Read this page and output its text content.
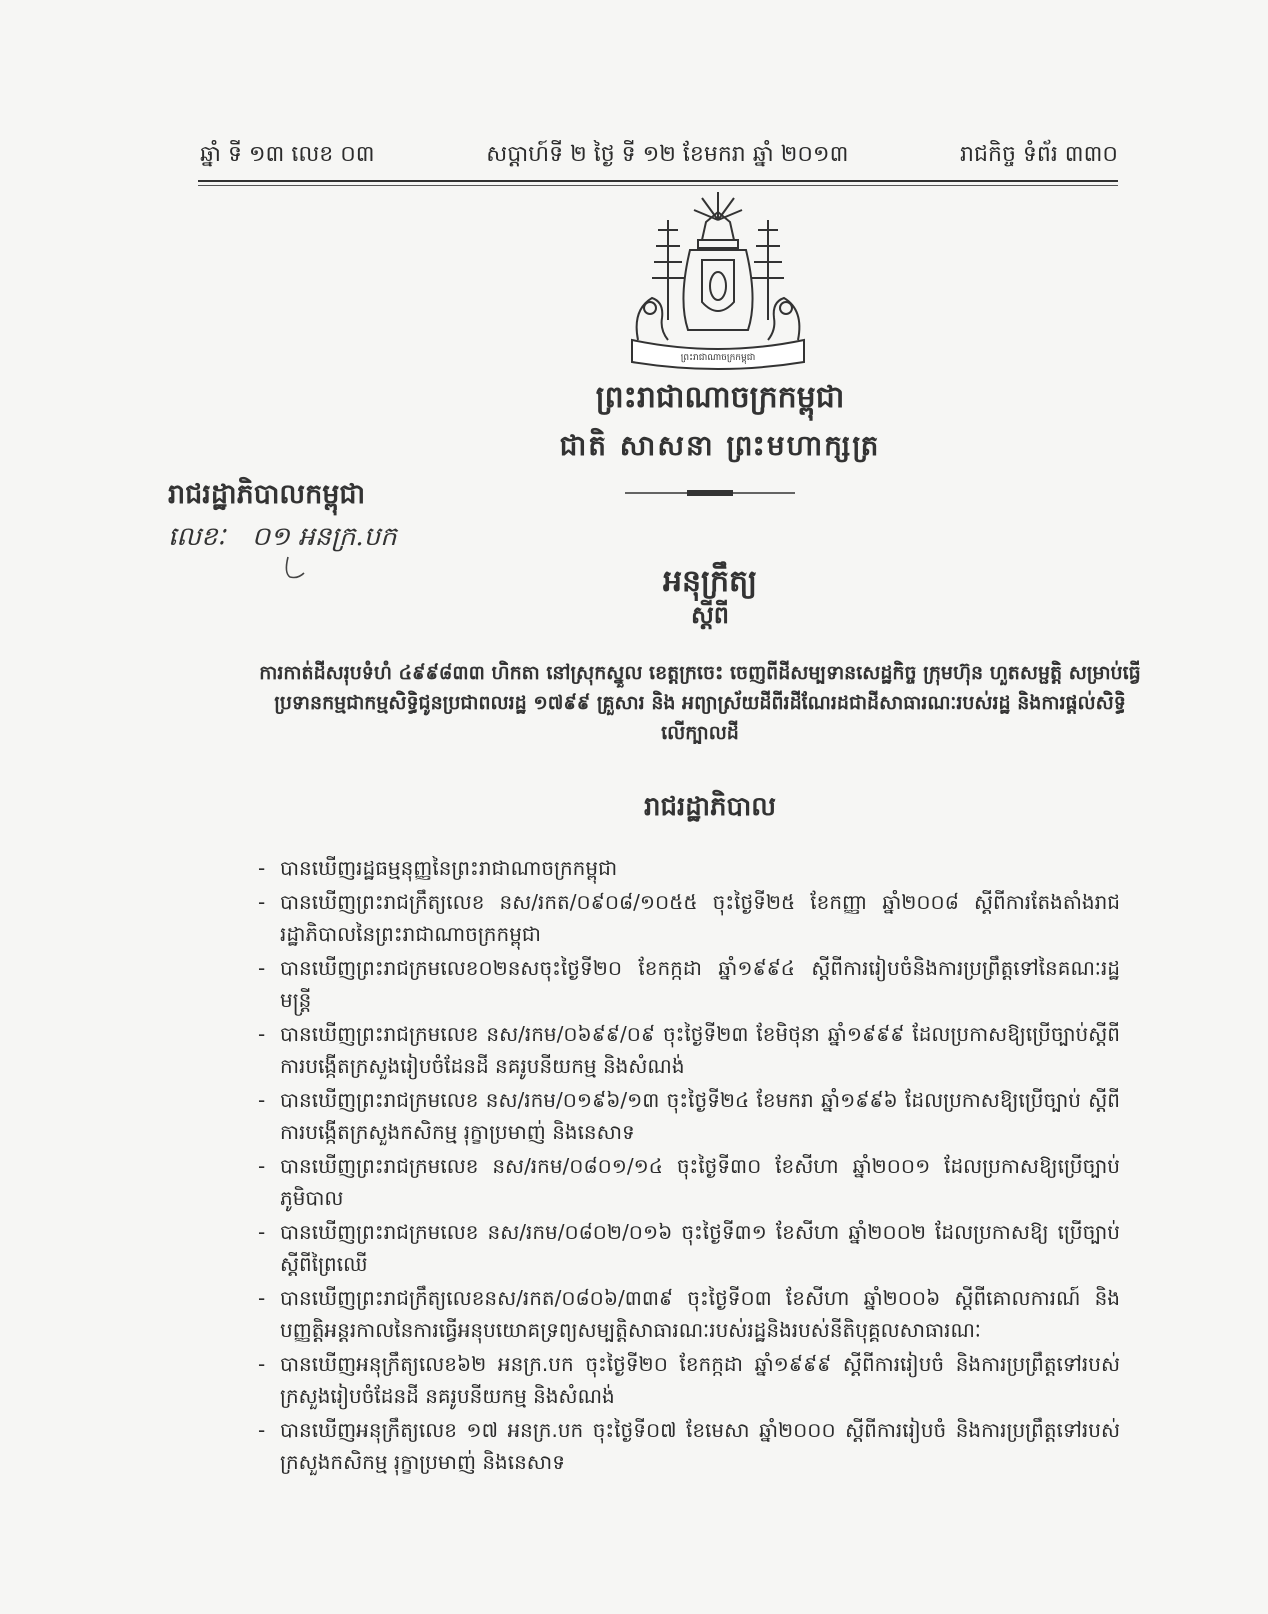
ឆ្នាំ ទី ១៣ លេខ ០៣	សប្តាហ៍ទី ២ ថ្ងៃ ទី ១២ ខែមករា ឆ្នាំ ២០១៣	រាជកិច្ច ទំព័រ ៣៣០
ព្រះរាជាណាចក្រកម្ពុជា
ព្រះរាជាណាចក្រកម្ពុជា
ជាតិ សាសនា ព្រះមហាក្សត្រ
រាជរដ្ឋាភិបាលកម្ពុជា
លេខៈ ០១ អនក្រ.បក
អនុក្រឹត្យ
ស្តីពី
ការកាត់ដីសរុបទំហំ ៤៩៩៨៣៣ ហិកតា នៅស្រុកស្នួល ខេត្តក្រចេះ ចេញពីដីសម្បទានសេដ្ឋកិច្ច ក្រុមហ៊ុន ហួតសម្ផត្តិ សម្រាប់ធ្វើប្រទានកម្មជាកម្មសិទ្ធិជូនប្រជាពលរដ្ឋ ១៧៩៩ គ្រួសារ និង អព្យាស្រ័យដីពីរដីណែរដជាដីសាធារណៈរបស់រដ្ឋ និងការផ្តល់សិទ្ធិលើក្បាលដី
រាជរដ្ឋាភិបាល
- បានឃើញរដ្ឋធម្មនុញ្ញនៃព្រះរាជាណាចក្រកម្ពុជា
- បានឃើញព្រះរាជក្រឹត្យលេខ នស/រកត/០៩០៨/១០៥៥ ចុះថ្ងៃទី២៥ ខែកញ្ញា ឆ្នាំ២០០៨ ស្តីពីការតែងតាំងរាជរដ្ឋាភិបាលនៃព្រះរាជាណាចក្រកម្ពុជា
- បានឃើញព្រះរាជក្រមលេខ០២នសចុះថ្ងៃទី២០ ខែកក្កដា ឆ្នាំ១៩៩៤ ស្តីពីការរៀបចំនិងការប្រព្រឹត្តទៅនៃគណៈរដ្ឋមន្ត្រី
- បានឃើញព្រះរាជក្រមលេខ នស/រកម/០៦៩៩/០៩ ចុះថ្ងៃទី២៣ ខែមិថុនា ឆ្នាំ១៩៩៩ ដែលប្រកាសឱ្យប្រើច្បាប់ស្តីពីការបង្កើតក្រសួងរៀបចំដែនដី នគរូបនីយកម្ម និងសំណង់
- បានឃើញព្រះរាជក្រមលេខ នស/រកម/០១៩៦/១៣ ចុះថ្ងៃទី២៤ ខែមករា ឆ្នាំ១៩៩៦ ដែលប្រកាសឱ្យប្រើច្បាប់ ស្តីពីការបង្កើតក្រសួងកសិកម្ម រុក្ខាប្រមាញ់ និងនេសាទ
- បានឃើញព្រះរាជក្រមលេខ នស/រកម/០៨០១/១៤ ចុះថ្ងៃទី៣០ ខែសីហា ឆ្នាំ២០០១ ដែលប្រកាសឱ្យប្រើច្បាប់ភូមិបាល
- បានឃើញព្រះរាជក្រមលេខ នស/រកម/០៨០២/០១៦ ចុះថ្ងៃទី៣១ ខែសីហា ឆ្នាំ២០០២ ដែលប្រកាសឱ្យ ប្រើច្បាប់ស្តីពីព្រៃឈើ
- បានឃើញព្រះរាជក្រឹត្យលេខនស/រកត/០៨០៦/៣៣៩ ចុះថ្ងៃទី០៣ ខែសីហា ឆ្នាំ២០០៦ ស្តីពីគោលការណ៍ និងបញ្ញត្តិអន្តរកាលនៃការធ្វើអនុបយោគទ្រព្យសម្បត្តិសាធារណៈរបស់រដ្ឋនិងរបស់នីតិបុគ្គលសាធារណៈ
- បានឃើញអនុក្រឹត្យលេខ៦២ អនក្រ.បក ចុះថ្ងៃទី២០ ខែកក្កដា ឆ្នាំ១៩៩៩ ស្តីពីការរៀបចំ និងការប្រព្រឹត្តទៅរបស់ក្រសួងរៀបចំដែនដី នគរូបនីយកម្ម និងសំណង់
- បានឃើញអនុក្រឹត្យលេខ ១៧ អនក្រ.បក ចុះថ្ងៃទី០៧ ខែមេសា ឆ្នាំ២០០០ ស្តីពីការរៀបចំ និងការប្រព្រឹត្តទៅរបស់ក្រសួងកសិកម្ម រុក្ខាប្រមាញ់ និងនេសាទ
